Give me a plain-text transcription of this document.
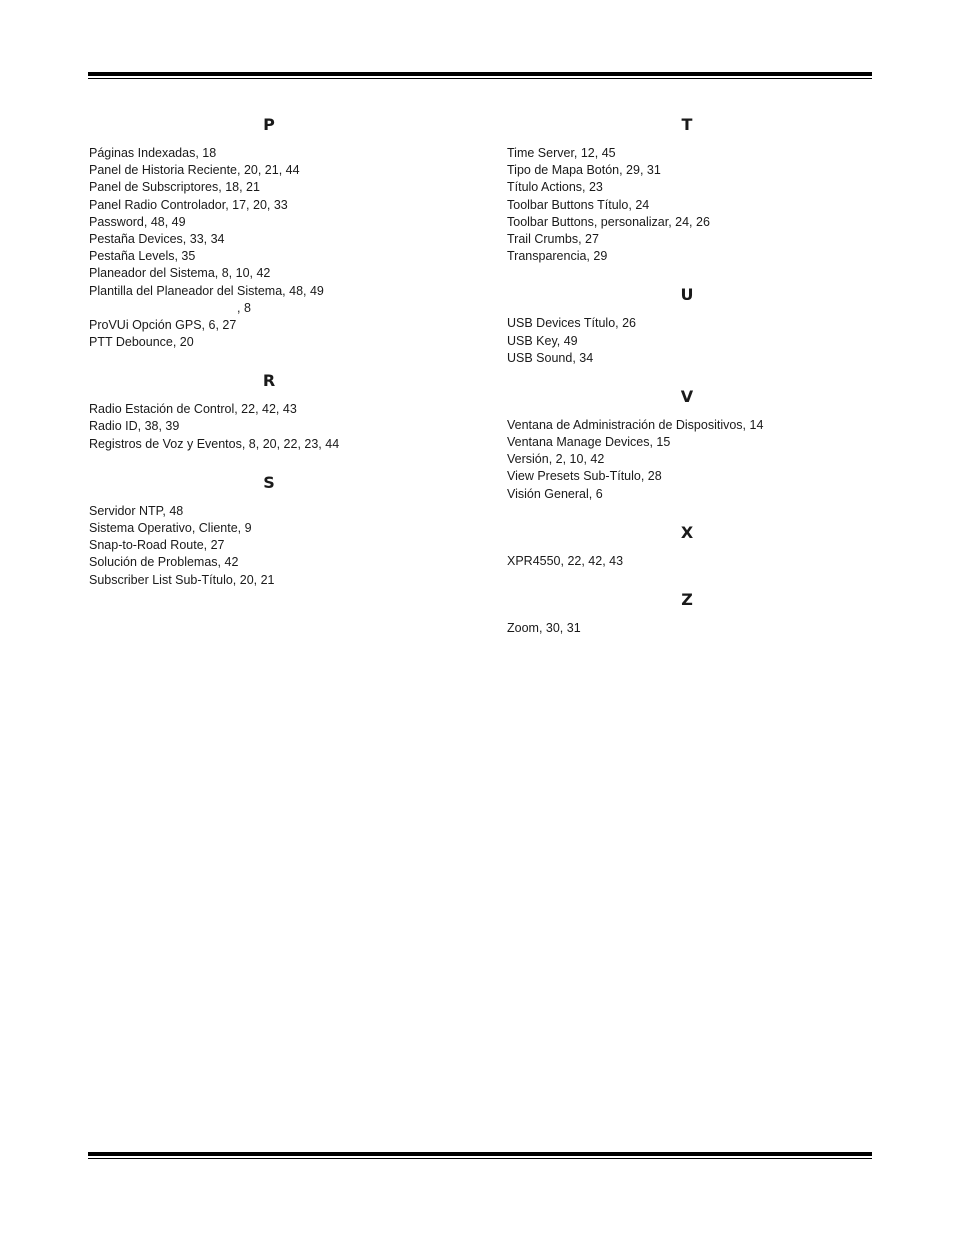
P
Páginas Indexadas, 18
Panel de Historia Reciente, 20, 21, 44
Panel de Subscriptores, 18, 21
Panel Radio Controlador, 17, 20, 33
Password, 48, 49
Pestaña Devices, 33, 34
Pestaña Levels, 35
Planeador del Sistema, 8, 10, 42
Plantilla del Planeador del Sistema, 48, 49
, 8
ProVUi Opción GPS, 6, 27
PTT Debounce, 20
R
Radio Estación de Control, 22, 42, 43
Radio ID, 38, 39
Registros de Voz y Eventos, 8, 20, 22, 23, 44
S
Servidor NTP, 48
Sistema Operativo, Cliente, 9
Snap-to-Road Route, 27
Solución de Problemas, 42
Subscriber List Sub-Título, 20, 21
T
Time Server, 12, 45
Tipo de Mapa Botón, 29, 31
Título Actions, 23
Toolbar Buttons Título, 24
Toolbar Buttons, personalizar, 24, 26
Trail Crumbs, 27
Transparencia, 29
U
USB Devices Título, 26
USB Key, 49
USB Sound, 34
V
Ventana de Administración de Dispositivos, 14
Ventana Manage Devices, 15
Versión, 2, 10, 42
View Presets Sub-Título, 28
Visión General, 6
X
XPR4550, 22, 42, 43
Z
Zoom, 30, 31
